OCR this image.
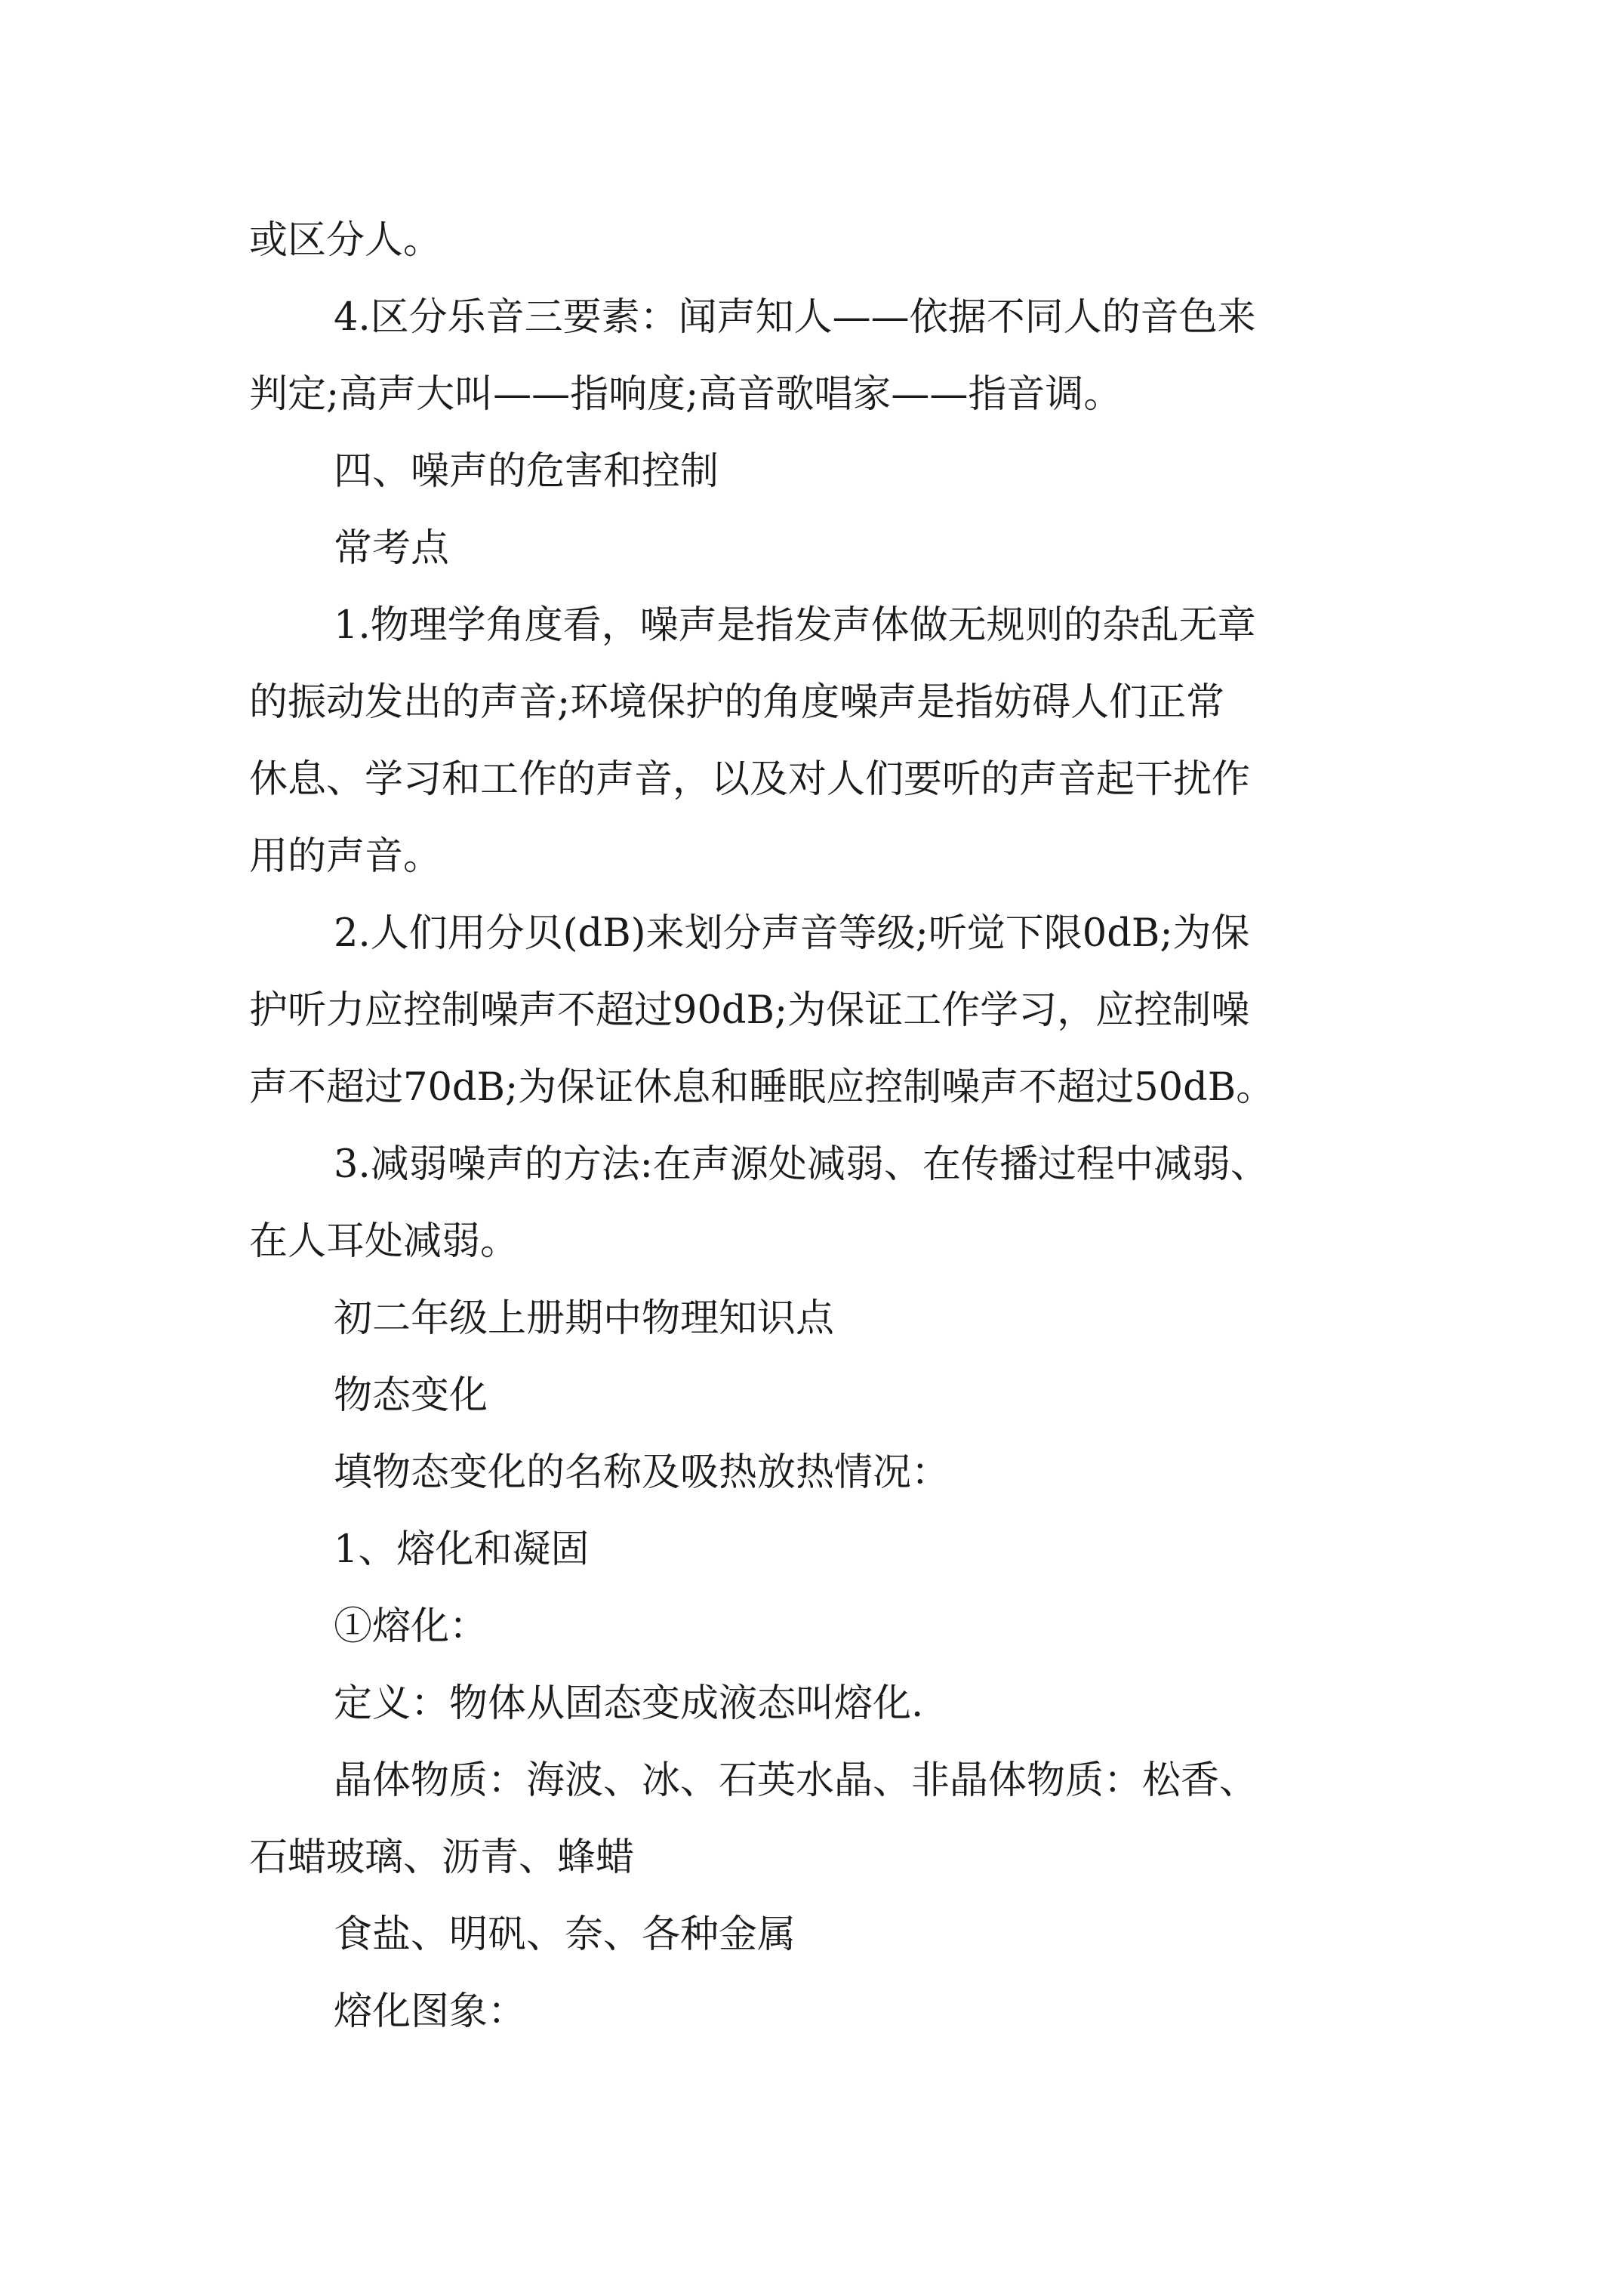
或区分人。
4.区分乐音三要素：闻声知人——依据不同人的音色来
判定;高声大叫——指响度;高音歌唱家——指音调。
四、噪声的危害和控制
常考点
1.物理学角度看，噪声是指发声体做无规则的杂乱无章
的振动发出的声音;环境保护的角度噪声是指妨碍人们正常
休息、学习和工作的声音，以及对人们要听的声音起干扰作
用的声音。
2.人们用分贝(dB)来划分声音等级;听觉下限0dB;为保
护听力应控制噪声不超过90dB;为保证工作学习，应控制噪
声不超过70dB;为保证休息和睡眠应控制噪声不超过50dB。
3.减弱噪声的方法:在声源处减弱、在传播过程中减弱、
在人耳处减弱。
初二年级上册期中物理知识点
物态变化
填物态变化的名称及吸热放热情况：
1、熔化和凝固
①熔化：
定义：物体从固态变成液态叫熔化.
晶体物质：海波、冰、石英水晶、非晶体物质：松香、
石蜡玻璃、沥青、蜂蜡
食盐、明矾、奈、各种金属
熔化图象：
